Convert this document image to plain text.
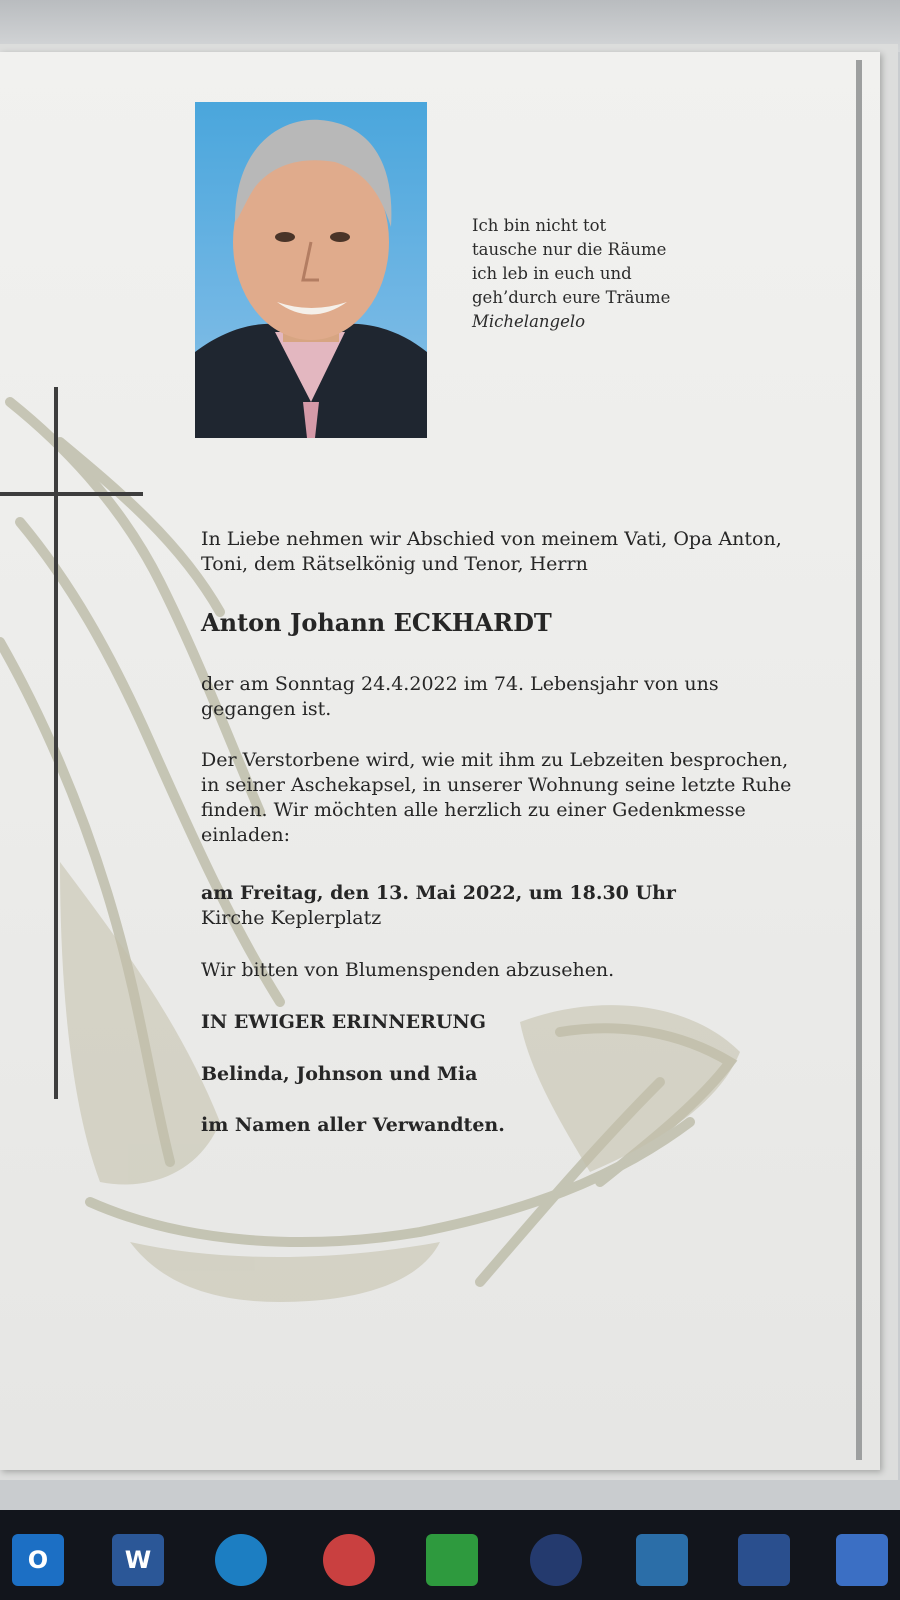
Ich bin nicht tot
tausche nur die Räume
ich leb in euch und
geh’durch eure Träume
Michelangelo
In Liebe nehmen wir Abschied von meinem Vati, Opa Anton,
Toni, dem Rätselkönig und Tenor, Herrn
Anton Johann ECKHARDT
der am Sonntag 24.4.2022 im 74. Lebensjahr von uns
gegangen ist.
Der Verstorbene wird, wie mit ihm zu Lebzeiten besprochen,
in seiner Aschekapsel, in unserer Wohnung seine letzte Ruhe
finden. Wir möchten alle herzlich zu einer Gedenkmesse
einladen:
am Freitag, den 13. Mai 2022, um 18.30 Uhr
Kirche Keplerplatz
Wir bitten von Blumenspenden abzusehen.
IN EWIGER ERINNERUNG
Belinda, Johnson und Mia
im Namen aller Verwandten.
O	W
